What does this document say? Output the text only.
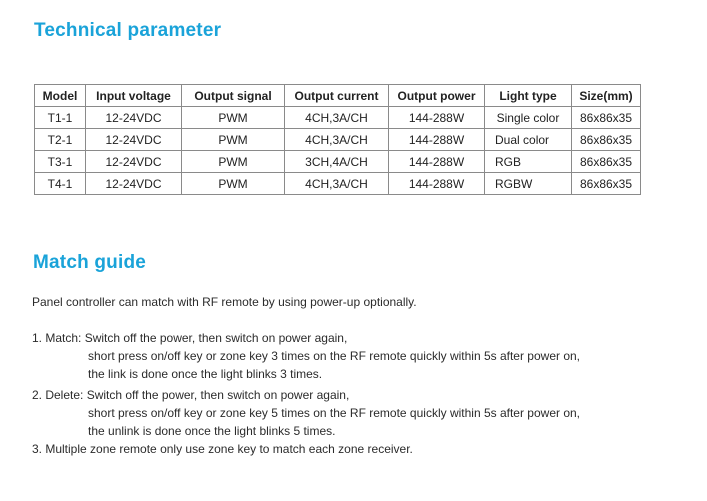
Technical parameter
Model	Input voltage	Output signal	Output current	Output power	Light type	Size(mm)
T1-1	12-24VDC	PWM	4CH,3A/CH	144-288W	Single color	86x86x35
T2-1	12-24VDC	PWM	4CH,3A/CH	144-288W	Dual color	86x86x35
T3-1	12-24VDC	PWM	3CH,4A/CH	144-288W	RGB	86x86x35
T4-1	12-24VDC	PWM	4CH,3A/CH	144-288W	RGBW	86x86x35
Match guide
Panel controller can match with RF remote by using power-up optionally.
1. Match: Switch off the power, then switch on power again,
short press on/off key or zone key 3 times on the RF remote quickly within 5s after power on,
the link is done once the light blinks 3 times.
2. Delete: Switch off the power, then switch on power again,
short press on/off key or zone key 5 times on the RF remote quickly within 5s after power on,
the unlink is done once the light blinks 5 times.
3. Multiple zone remote only use zone key to match each zone receiver.
